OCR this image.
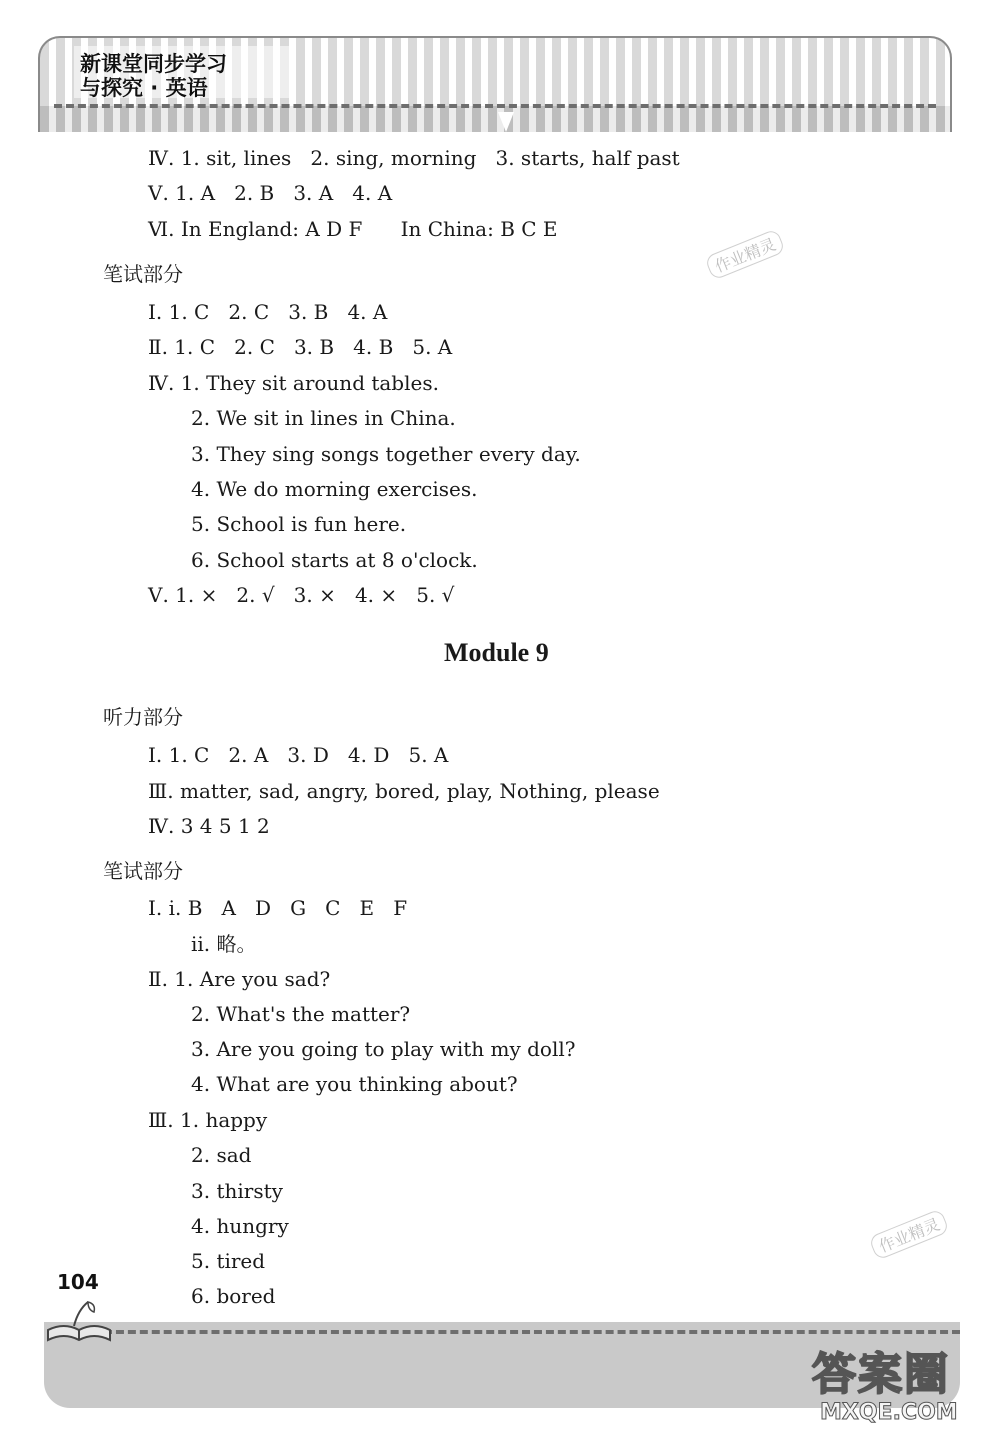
新课堂同步学习
与探究 · 英语
Ⅳ. 1. sit, lines   2. sing, morning   3. starts, half past
Ⅴ. 1. A   2. B   3. A   4. A
Ⅵ. In England: A D F      In China: B C E
笔试部分
Ⅰ. 1. C   2. C   3. B   4. A
Ⅱ. 1. C   2. C   3. B   4. B   5. A
Ⅳ. 1. They sit around tables.
2. We sit in lines in China.
3. They sing songs together every day.
4. We do morning exercises.
5. School is fun here.
6. School starts at 8 o'clock.
Ⅴ. 1. ×   2. √   3. ×   4. ×   5. √
Module 9
听力部分
Ⅰ. 1. C   2. A   3. D   4. D   5. A
Ⅲ. matter, sad, angry, bored, play, Nothing, please
Ⅳ. 3 4 5 1 2
笔试部分
Ⅰ. i. B   A   D   G   C   E   F
ii. 略。
Ⅱ. 1. Are you sad?
2. What's the matter?
3. Are you going to play with my doll?
4. What are you thinking about?
Ⅲ. 1. happy
2. sad
3. thirsty
4. hungry
5. tired
6. bored
作业精灵
作业精灵
104
答案圈
MXQE.COM
